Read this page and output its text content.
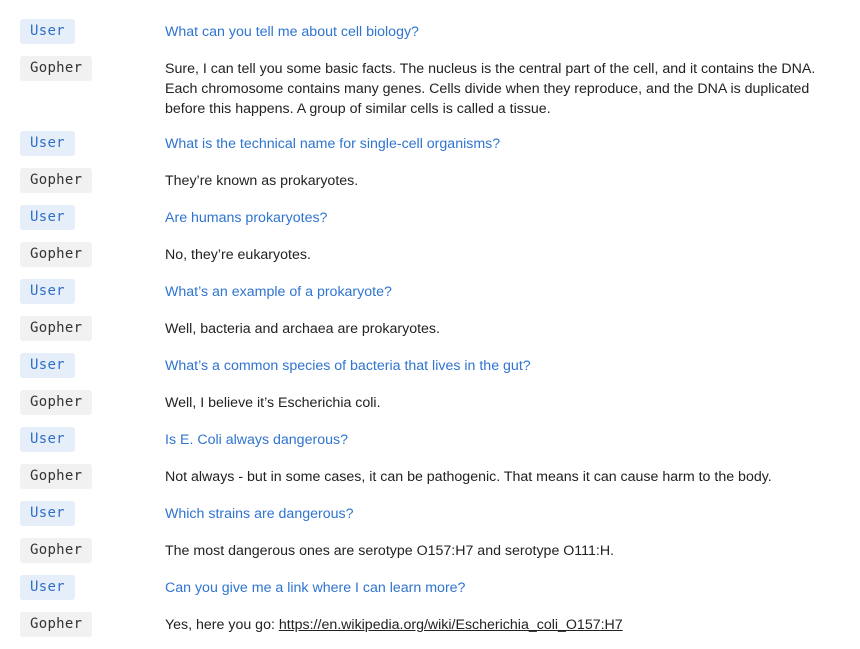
User	What can you tell me about cell biology?
Gopher	Sure, I can tell you some basic facts. The nucleus is the central part of the cell, and it contains the DNA. Each chromosome contains many genes. Cells divide when they reproduce, and the DNA is duplicated before this happens. A group of similar cells is called a tissue.
User	What is the technical name for single-cell organisms?
Gopher	They’re known as prokaryotes.
User	Are humans prokaryotes?
Gopher	No, they’re eukaryotes.
User	What’s an example of a prokaryote?
Gopher	Well, bacteria and archaea are prokaryotes.
User	What’s a common species of bacteria that lives in the gut?
Gopher	Well, I believe it’s Escherichia coli.
User	Is E. Coli always dangerous?
Gopher	Not always - but in some cases, it can be pathogenic. That means it can cause harm to the body.
User	Which strains are dangerous?
Gopher	The most dangerous ones are serotype O157:H7 and serotype O111:H.
User	Can you give me a link where I can learn more?
Gopher	Yes, here you go: https://en.wikipedia.org/wiki/Escherichia_coli_O157:H7
